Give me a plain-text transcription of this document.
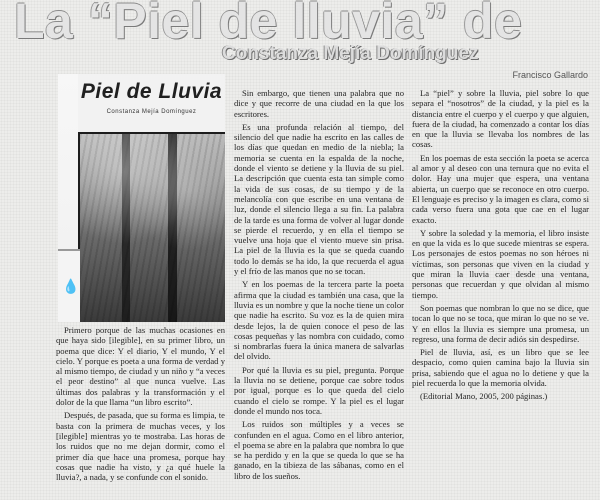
La “Piel de lluvia” de
Constanza Mejía Domínguez
Francisco Gallardo
Piel de Lluvia
Constanza Mejía Domínguez
💧

Primero porque de las muchas ocasiones en que haya sido [ilegible], en su primer libro, un poema que dice: Y el diario, Y el mundo, Y el cielo. Y porque es poeta a una forma de verdad y al mismo tiempo, de ciudad y un niño y “a veces el peor destino” al que nunca vuelve. Las últimas dos palabras y la transformación y el dolor de la que llama “un libro escrito”.

Después, de pasada, que su forma es limpia, te basta con la primera de muchas veces, y los [ilegible] mientras yo te mostraba. Las horas de los ruidos que no me dejan dormir, como el primer día que hace una promesa, porque hay cosas que nadie ha visto, y ¿a qué huele la lluvia?, a nada, y se confunde con el sonido.

Sin embargo, que tienen una palabra que no dice y que recorre de una ciudad en la que los escritores.

Es una profunda relación al tiempo, del silencio del que nadie ha escrito en las calles de los días que quedan en medio de la niebla; la memoria se cuenta en la espalda de la noche, donde el viento se detiene y la lluvia de su piel. La descripción que cuenta esta tan simple como la vida de sus cosas, de su tiempo y de la melancolía con que escribe en una ventana de luz, donde el silencio llega a su fin. La palabra de la tarde es una forma de volver al lugar donde se pierde el recuerdo, y en ella el tiempo se vuelve una hoja que el viento mueve sin prisa. La piel de la lluvia es la que se queda cuando todo lo demás se ha ido, la que recuerda el agua y el frío de las manos que no se tocan.

Y en los poemas de la tercera parte la poeta afirma que la ciudad es también una casa, que la lluvia es un nombre y que la noche tiene un color que nadie ha escrito. Su voz es la de quien mira desde lejos, la de quien conoce el peso de las cosas pequeñas y las nombra con cuidado, como si nombrarlas fuera la única manera de salvarlas del olvido.

Por qué la lluvia es su piel, pregunta. Porque la lluvia no se detiene, porque cae sobre todos por igual, porque es lo que queda del cielo cuando el cielo se rompe. Y la piel es el lugar donde el mundo nos toca.

Los ruidos son múltiples y a veces se confunden en el agua. Como en el libro anterior, el poema se abre en la palabra que nombra lo que se ha perdido y en la que se queda lo que se ha ganado, en la tibieza de las sábanas, como en el libro de los sueños.

La “piel” y sobre la lluvia, piel sobre lo que separa el “nosotros” de la ciudad, y la piel es la distancia entre el cuerpo y el cuerpo y que alguien, fuera de la ciudad, ha comenzado a contar los días en que la lluvia se llevaba los nombres de las cosas.

En los poemas de esta sección la poeta se acerca al amor y al deseo con una ternura que no evita el dolor. Hay una mujer que espera, una ventana abierta, un cuerpo que se reconoce en otro cuerpo. El lenguaje es preciso y la imagen es clara, como si cada verso fuera una gota que cae en el lugar exacto.

Y sobre la soledad y la memoria, el libro insiste en que la vida es lo que sucede mientras se espera. Los personajes de estos poemas no son héroes ni víctimas, son personas que viven en la ciudad y que miran la lluvia caer desde una ventana, personas que recuerdan y que olvidan al mismo tiempo.

Son poemas que nombran lo que no se dice, que tocan lo que no se toca, que miran lo que no se ve. Y en ellos la lluvia es siempre una promesa, un regreso, una forma de decir adiós sin despedirse.

Piel de lluvia, así, es un libro que se lee despacio, como quien camina bajo la lluvia sin prisa, sabiendo que el agua no lo detiene y que la piel recuerda lo que la memoria olvida.

(Editorial Mano, 2005, 200 páginas.)
